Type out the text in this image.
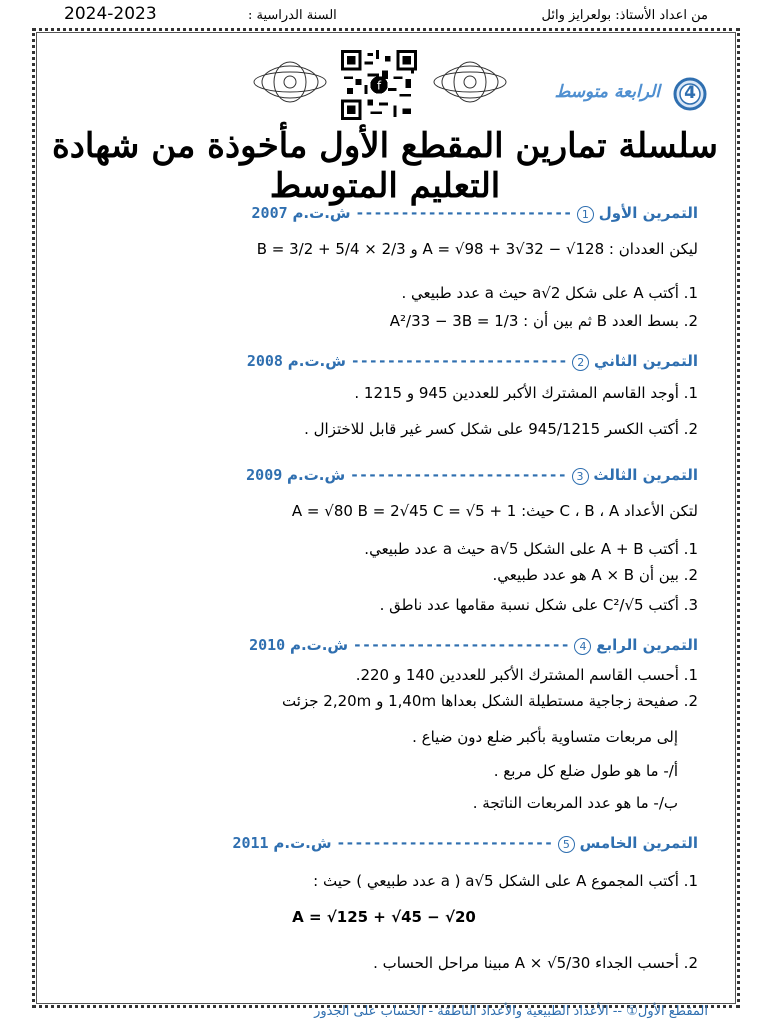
2024-2023	السنة الدراسية :	من اعداد الأستاذ: بولعرايز وائل
f	4
الرابعة متوسط
سلسلة تمارين المقطع الأول مأخوذة من شهادة التعليم المتوسط
التمرين الأول 1 ------------------------ ش.ت.م 2007
ليكن العددان : A = √98 + 3√32 − √128 و B = 3/2 + 5/4 × 2/3
1. أكتب A على شكل a√2 حيث a عدد طبيعي .
2. بسط العدد B ثم بين أن : A²/33 − 3B = 1/3
التمرين الثاني 2 ------------------------ ش.ت.م 2008
1. أوجد القاسم المشترك الأكبر للعددين 945 و 1215 .
2. أكتب الكسر 945/1215 على شكل كسر غير قابل للاختزال .
التمرين الثالث 3 ------------------------ ش.ت.م 2009
لتكن الأعداد C ، B ، A حيث: A = √80 B = 2√45 C = √5 + 1
1. أكتب A + B على الشكل a√5 حيث a عدد طبيعي.
2. بين أن A × B هو عدد طبيعي.
3. أكتب C²/√5 على شكل نسبة مقامها عدد ناطق .
التمرين الرابع 4 ------------------------ ش.ت.م 2010
1. أحسب القاسم المشترك الأكبر للعددين 140 و 220.
2. صفيحة زجاجية مستطيلة الشكل بعداها 1,40m و 2,20m جزئت
إلى مربعات متساوية بأكبر ضلع دون ضياع .
أ/- ما هو طول ضلع كل مربع .
ب/- ما هو عدد المربعات الناتجة .
التمرين الخامس 5 ------------------------ ش.ت.م 2011
1. أكتب المجموع A على الشكل a√5 ( a عدد طبيعي ) حيث :
A = √125 + √45 − √20
2. أحسب الجداء A × √5/30 مبينا مراحل الحساب .
المقطع الأول① -- الأعداد الطبيعية والأعداد الناطقة - الحساب على الجذور
